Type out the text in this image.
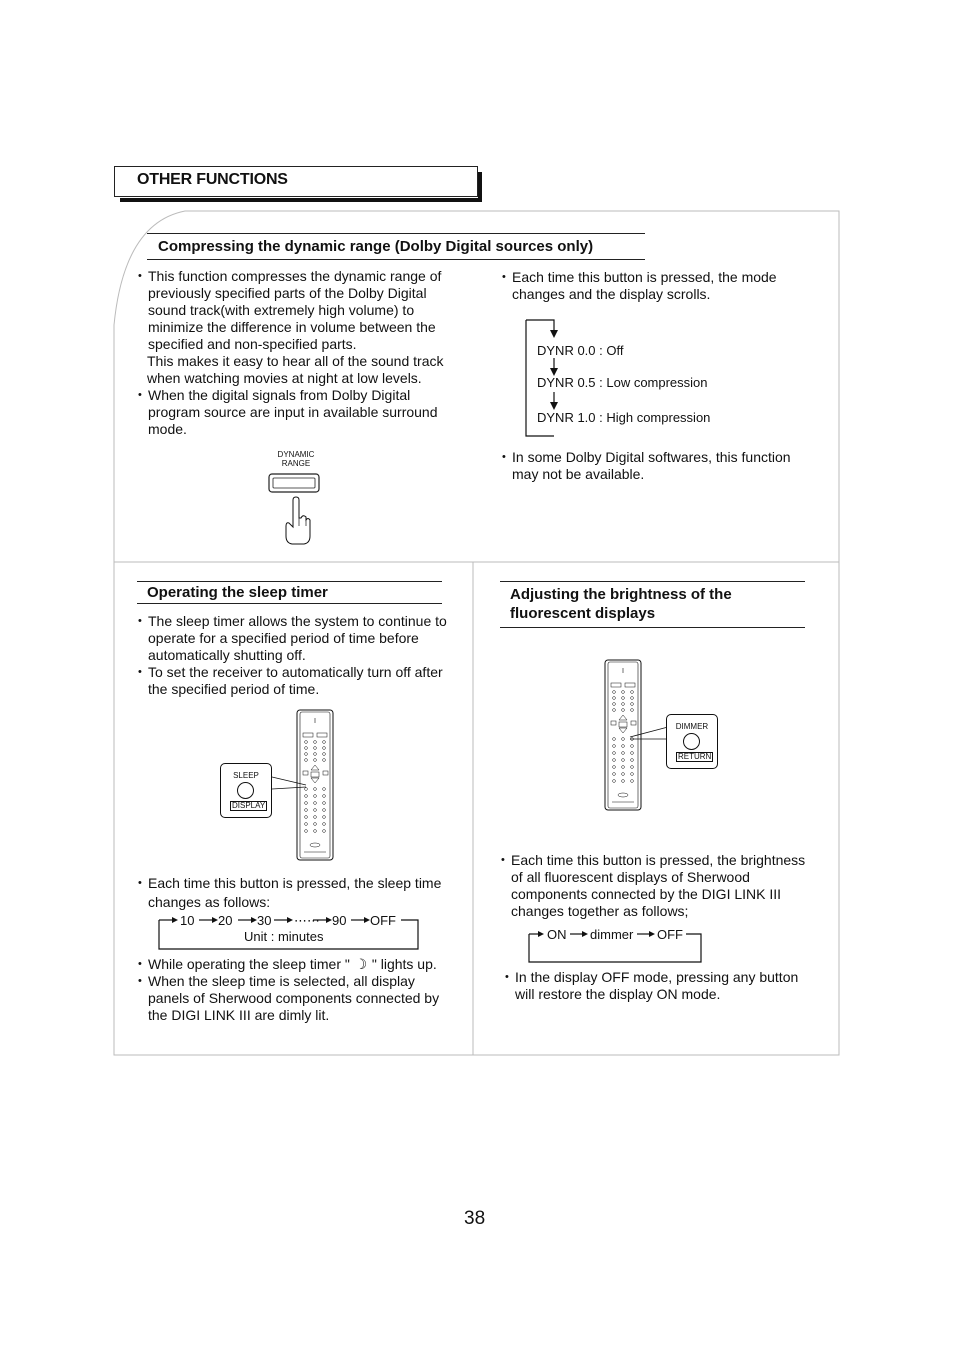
OTHER FUNCTIONS
Compressing the dynamic range (Dolby Digital sources only)
• This function compresses the dynamic range of previously specified parts of the Dolby Digital sound track(with extremely high volume) to minimize the difference in volume between the specified and non-specified parts.
This makes it easy to hear all of the sound track when watching movies at night at low levels.
• When the digital signals from Dolby Digital program source are input in available surround mode.
DYNAMIC
RANGE
• Each time this button is pressed, the mode changes and the display scrolls.
DYNR 0.0 : Off
DYNR 0.5 : Low compression
DYNR 1.0 : High compression
• In some Dolby Digital softwares, this function may not be available.
Operating the sleep timer
• The sleep timer allows the system to continue to operate for a specified period of time before automatically shutting off.
• To set the receiver to automatically turn off after the specified period of time.
SLEEP
DISPLAY
• Each time this button is pressed, the sleep time changes as follows:
10 20 30 ⋯⋯ 90 OFF
Unit : minutes
• While operating the sleep timer " ☽ " lights up.
• When the sleep time is selected, all display panels of Sherwood components connected by the DIGI LINK III are dimly lit.
Adjusting the brightness of the fluorescent displays
DIMMER
RETURN
• Each time this button is pressed, the brightness of all fluorescent displays of Sherwood components connected by the DIGI LINK III changes together as follows;
ON dimmer OFF
• In the display OFF mode, pressing any button will restore the display ON mode.
38
